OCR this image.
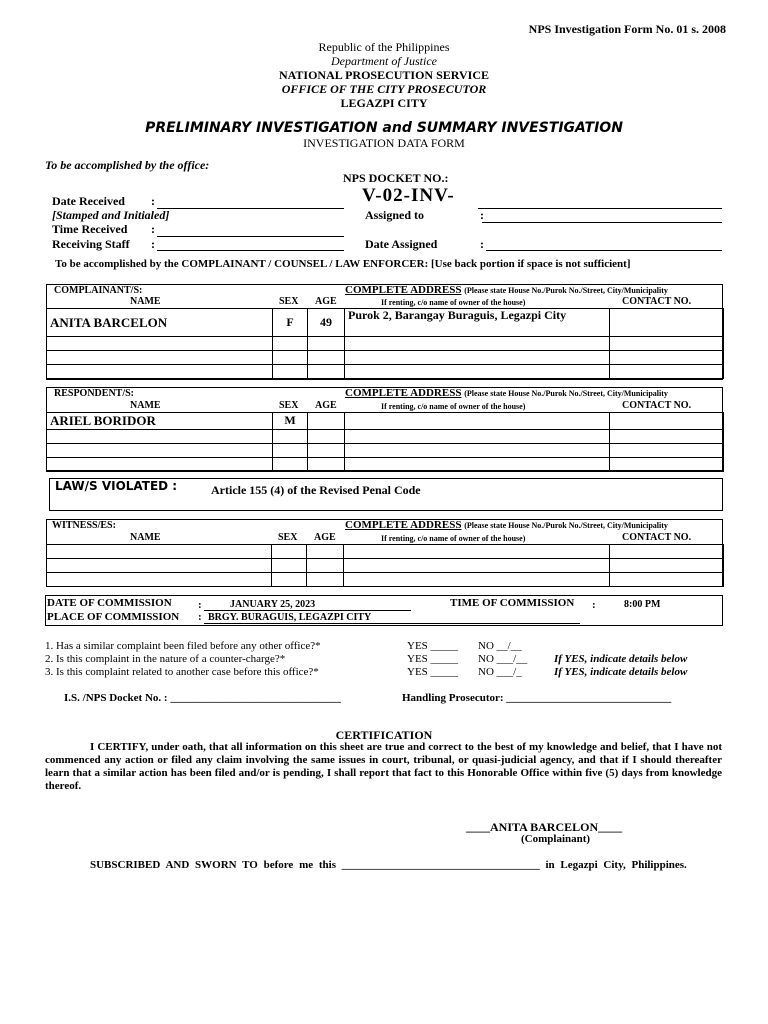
NPS Investigation Form No. 01 s. 2008
Republic of the Philippines
Department of Justice
NATIONAL PROSECUTION SERVICE
OFFICE OF THE CITY PROSECUTOR
LEGAZPI CITY
PRELIMINARY INVESTIGATION and SUMMARY INVESTIGATION
INVESTIGATION DATA FORM
To be accomplished by the office:
NPS DOCKET NO.:
V-02-INV-
Date Received :
[Stamped and Initialed]	Assigned to	:
Time Received :
Receiving Staff :	Date Assigned	:
To be accomplished by the COMPLAINANT / COUNSEL / LAW ENFORCER: [Use back portion if space is not sufficient]
COMPLAINANT/S:	COMPLETE ADDRESS (Please state House No./Purok No./Street, City/Municipality
NAME	SEX AGE	If renting, c/o name of owner of the house)	CONTACT NO.
ANITA BARCELON	F	49	Purok 2, Barangay Buraguis, Legazpi City	

RESPONDENT/S:	COMPLETE ADDRESS (Please state House No./Purok No./Street, City/Municipality
NAME	SEX AGE	If renting, c/o name of owner of the house)	CONTACT NO.
ARIEL BORIDOR	M			

LAW/S VIOLATED :	Article 155 (4) of the Revised Penal Code
WITNESS/ES:	COMPLETE ADDRESS (Please state House No./Purok No./Street, City/Municipality
NAME	SEX AGE	If renting, c/o name of owner of the house)	CONTACT NO.

DATE OF COMMISSION :	JANUARY 25, 2023	TIME OF COMMISSION :	8:00 PM
PLACE OF COMMISSION : BRGY. BURAGUIS, LEGAZPI CITY
1. Has a similar complaint been filed before any other office?*	YES _____ NO __/__
2. Is this complaint in the nature of a counter-charge?*	YES _____ NO ___/__ If YES, indicate details below
3. Is this complaint related to another case before this office?*	YES _____ NO ___/_	If YES, indicate details below
I.S. /NPS Docket No. : _______________________________	Handling Prosecutor: ______________________________
CERTIFICATION
I CERTIFY, under oath, that all information on this sheet are true and correct to the best of my knowledge and belief, that I have not commenced any action or filed any claim involving the same issues in court, tribunal, or quasi-judicial agency, and that if I should thereafter learn that a similar action has been filed and/or is pending, I shall report that fact to this Honorable Office within five (5) days from knowledge thereof.
____ANITA BARCELON____
(Complainant)
SUBSCRIBED AND SWORN TO before me this ____________________________________ in Legazpi City, Philippines.
